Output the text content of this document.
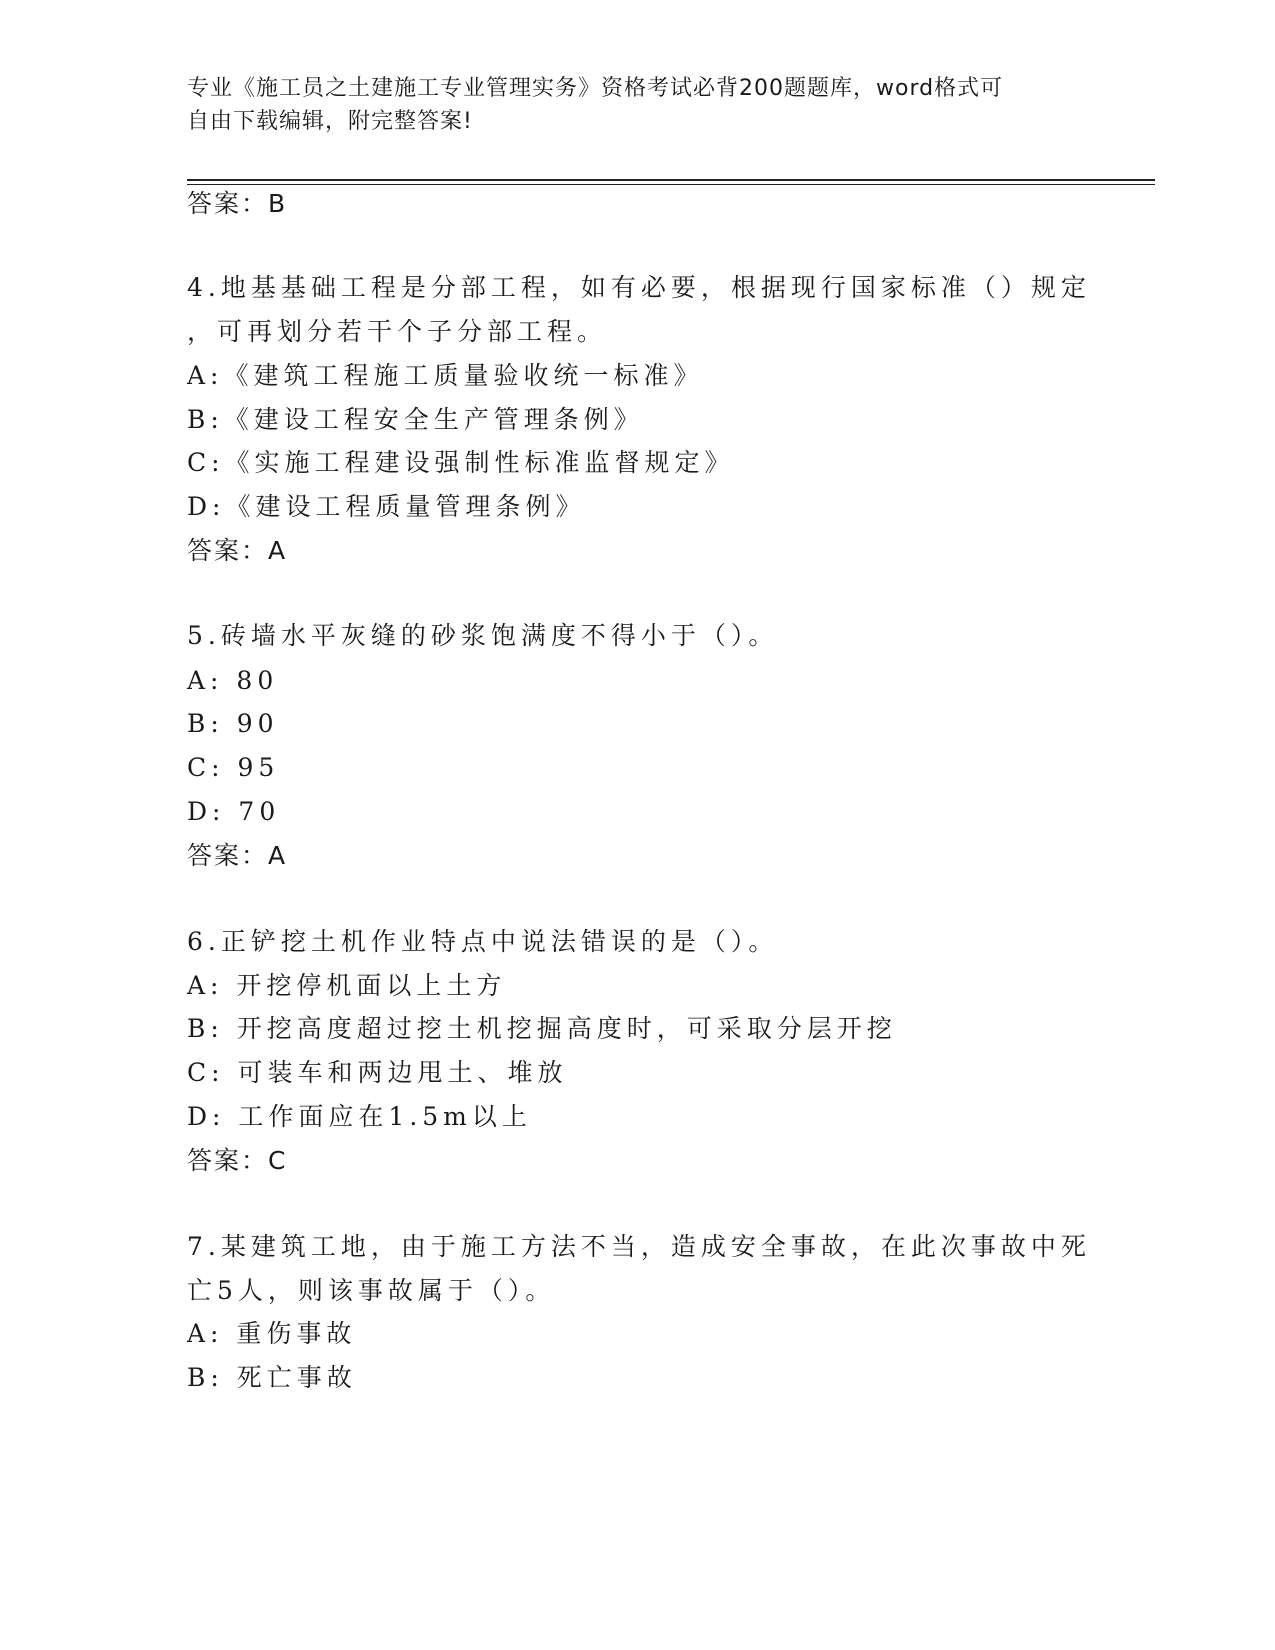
专业《施工员之土建施工专业管理实务》资格考试必背200题题库，word格式可
自由下载编辑，附完整答案!
答案：B
4.地基基础工程是分部工程，如有必要，根据现行国家标准（）规定
，可再划分若干个子分部工程。
A:《建筑工程施工质量验收统一标准》
B:《建设工程安全生产管理条例》
C:《实施工程建设强制性标准监督规定》
D:《建设工程质量管理条例》
答案：A
5.砖墙水平灰缝的砂浆饱满度不得小于（）。
A: 80
B: 90
C: 95
D: 70
答案：A
6.正铲挖土机作业特点中说法错误的是（）。
A: 开挖停机面以上土方
B: 开挖高度超过挖土机挖掘高度时，可采取分层开挖
C: 可装车和两边甩土、堆放
D: 工作面应在1.5m以上
答案：C
7.某建筑工地，由于施工方法不当，造成安全事故，在此次事故中死
亡5人，则该事故属于（）。
A: 重伤事故
B: 死亡事故
